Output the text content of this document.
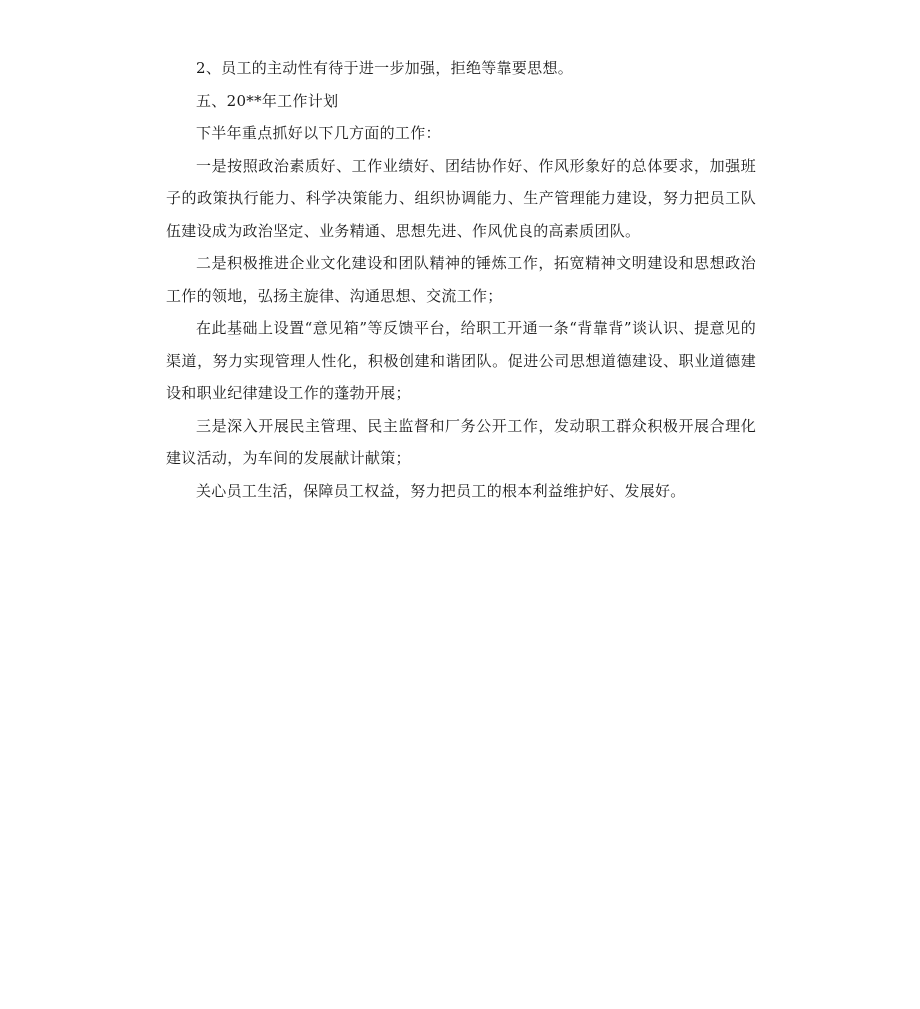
2、员工的主动性有待于进一步加强，拒绝等靠要思想。

五、20**年工作计划

下半年重点抓好以下几方面的工作：

一是按照政治素质好、工作业绩好、团结协作好、作风形象好的总体要求，加强班子的政策执行能力、科学决策能力、组织协调能力、生产管理能力建设，努力把员工队伍建设成为政治坚定、业务精通、思想先进、作风优良的高素质团队。

二是积极推进企业文化建设和团队精神的锤炼工作，拓宽精神文明建设和思想政治工作的领地，弘扬主旋律、沟通思想、交流工作；

在此基础上设置“意见箱”等反馈平台，给职工开通一条“背靠背”谈认识、提意见的渠道，努力实现管理人性化，积极创建和谐团队。促进公司思想道德建设、职业道德建设和职业纪律建设工作的蓬勃开展；

三是深入开展民主管理、民主监督和厂务公开工作，发动职工群众积极开展合理化建议活动，为车间的发展献计献策；

关心员工生活，保障员工权益，努力把员工的根本利益维护好、发展好。
